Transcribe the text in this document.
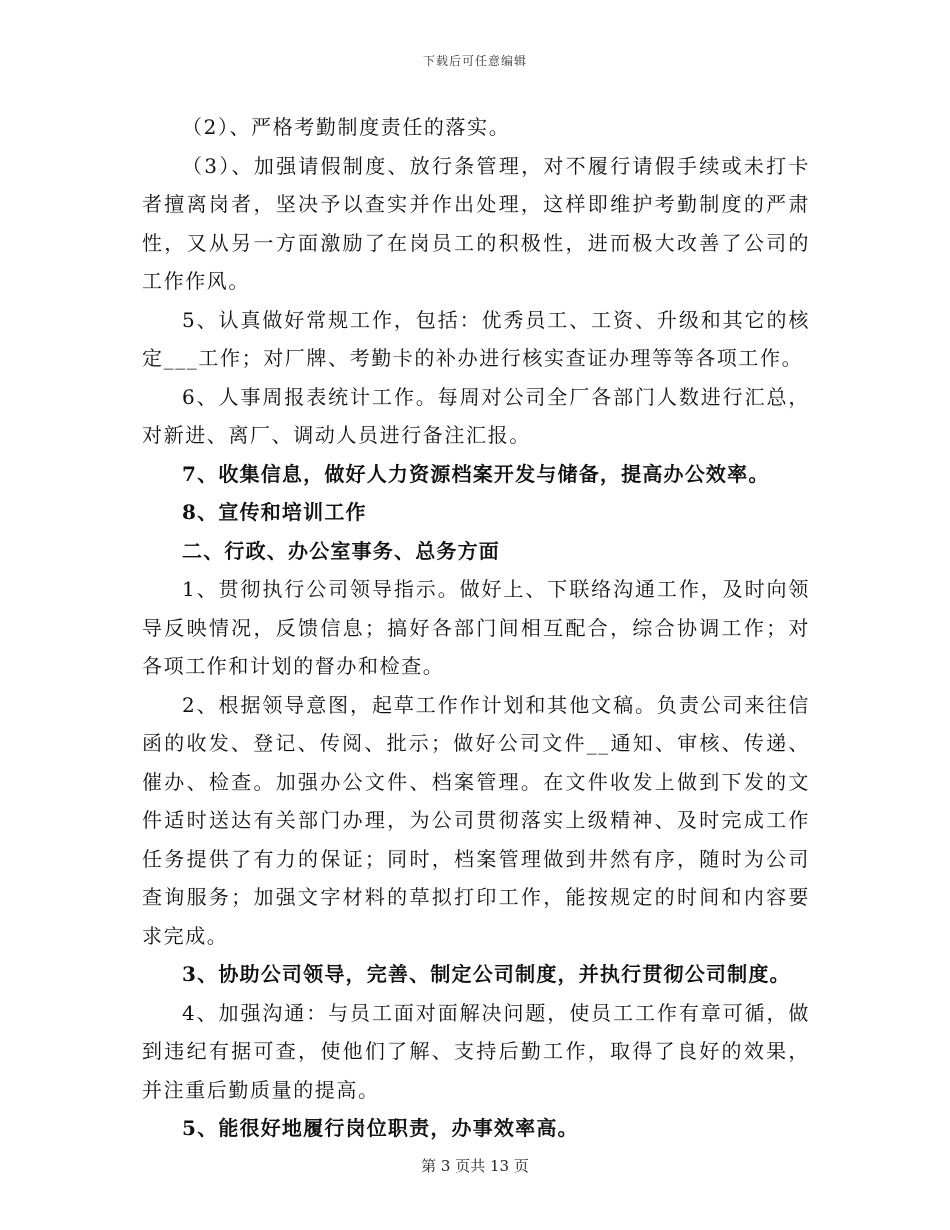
下载后可任意编辑

（2）、严格考勤制度责任的落实。

（3）、加强请假制度、放行条管理，对不履行请假手续或未打卡者擅离岗者，坚决予以查实并作出处理，这样即维护考勤制度的严肃性，又从另一方面激励了在岗员工的积极性，进而极大改善了公司的工作作风。

5、认真做好常规工作，包括：优秀员工、工资、升级和其它的核定___工作；对厂牌、考勤卡的补办进行核实查证办理等等各项工作。

6、人事周报表统计工作。每周对公司全厂各部门人数进行汇总，对新进、离厂、调动人员进行备注汇报。

7、收集信息，做好人力资源档案开发与储备，提高办公效率。

8、宣传和培训工作

二、行政、办公室事务、总务方面

1、贯彻执行公司领导指示。做好上、下联络沟通工作，及时向领导反映情况，反馈信息；搞好各部门间相互配合，综合协调工作；对各项工作和计划的督办和检查。

2、根据领导意图，起草工作作计划和其他文稿。负责公司来往信函的收发、登记、传阅、批示；做好公司文件__通知、审核、传递、催办、检查。加强办公文件、档案管理。在文件收发上做到下发的文件适时送达有关部门办理，为公司贯彻落实上级精神、及时完成工作任务提供了有力的保证；同时，档案管理做到井然有序，随时为公司查询服务；加强文字材料的草拟打印工作，能按规定的时间和内容要求完成。

3、协助公司领导，完善、制定公司制度，并执行贯彻公司制度。

4、加强沟通：与员工面对面解决问题，使员工工作有章可循，做到违纪有据可查，使他们了解、支持后勤工作，取得了良好的效果，并注重后勤质量的提高。

5、能很好地履行岗位职责，办事效率高。

第 3 页共 13 页
